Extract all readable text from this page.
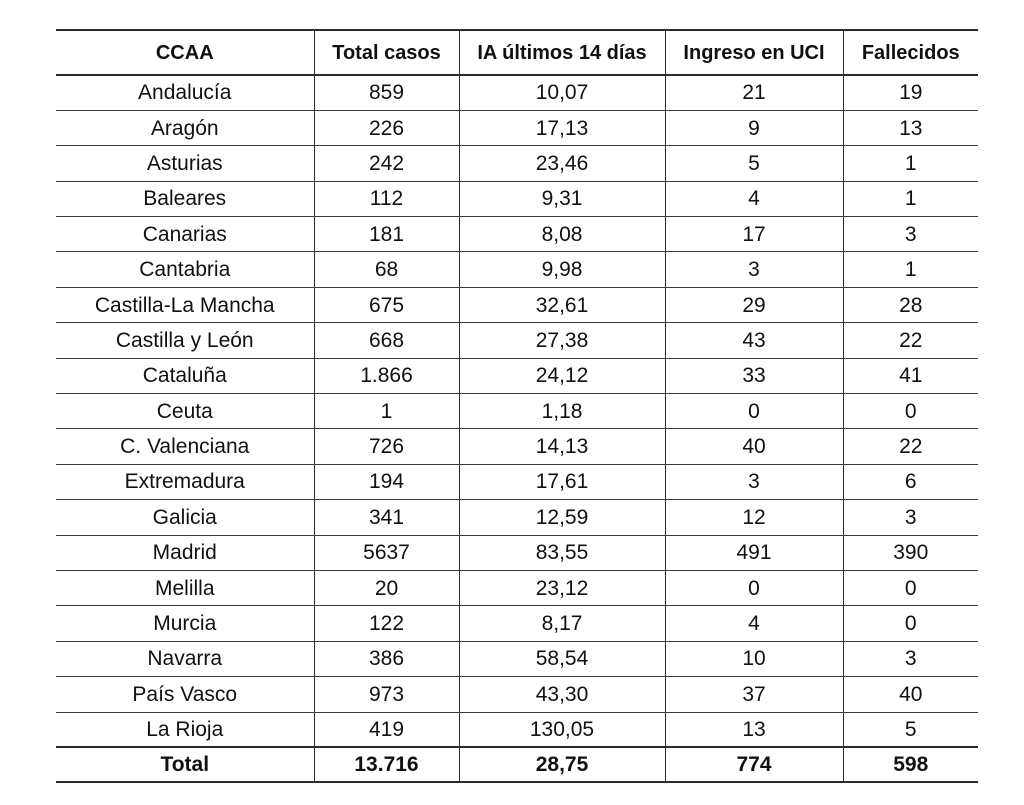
CCAA	Total casos	IA últimos 14 días	Ingreso en UCI	Fallecidos
Andalucía	859	10,07	21	19
Aragón	226	17,13	9	13
Asturias	242	23,46	5	1
Baleares	112	9,31	4	1
Canarias	181	8,08	17	3
Cantabria	68	9,98	3	1
Castilla-La Mancha	675	32,61	29	28
Castilla y León	668	27,38	43	22
Cataluña	1.866	24,12	33	41
Ceuta	1	1,18	0	0
C. Valenciana	726	14,13	40	22
Extremadura	194	17,61	3	6
Galicia	341	12,59	12	3
Madrid	5637	83,55	491	390
Melilla	20	23,12	0	0
Murcia	122	8,17	4	0
Navarra	386	58,54	10	3
País Vasco	973	43,30	37	40
La Rioja	419	130,05	13	5
Total	13.716	28,75	774	598
